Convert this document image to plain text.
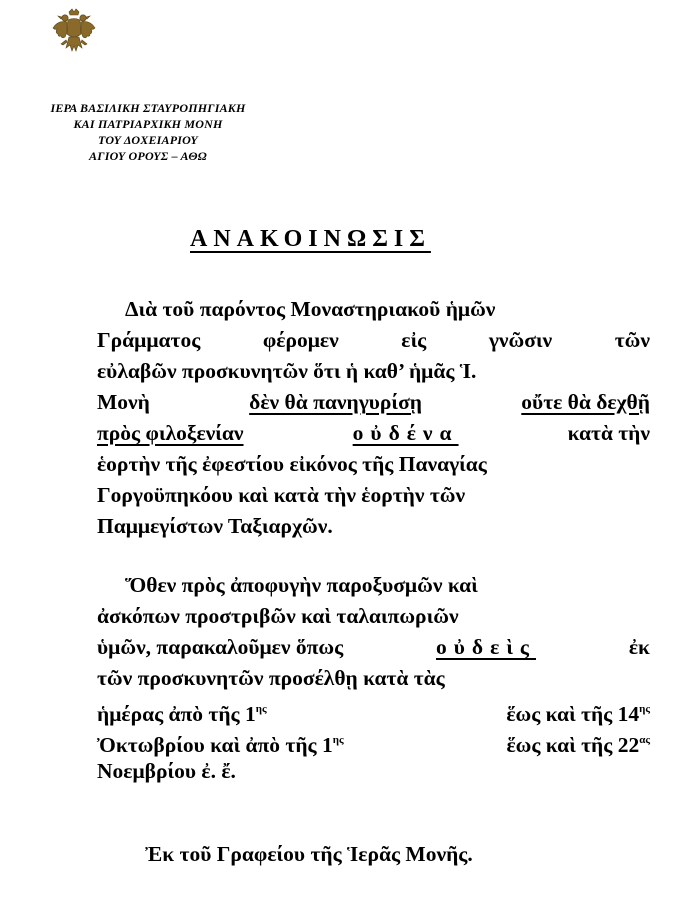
ΙΕΡΑ ΒΑΣΙΛΙΚΗ ΣΤΑΥΡΟΠΗΓΙΑΚΗ
ΚΑΙ ΠΑΤΡΙΑΡΧΙΚΗ ΜΟΝΗ
ΤΟΥ ΔΟΧΕΙΑΡΙΟΥ
ΑΓΙΟΥ ΟΡΟΥΣ – ΑΘΩ
ΑΝΑΚΟΙΝΩΣΙΣ
Διὰ τοῦ παρόντος Μοναστηριακοῦ ἡμῶν
Γράμματος	φέρομεν	εἰς	γνῶσιν	τῶν
εὐλαβῶν προσκυνητῶν ὅτι ἡ καθ’ ἡμᾶς Ἱ.
Μονὴ	δὲν θὰ πανηγυρίσῃ	οὔτε θὰ δεχθῇ
πρὸς φιλοξενίαν	οὐδένα	κατὰ τὴν
ἑορτὴν τῆς ἐφεστίου εἰκόνος τῆς Παναγίας
Γοργοϋπηκόου καὶ κατὰ τὴν ἑορτὴν τῶν
Παμμεγίστων Ταξιαρχῶν.
Ὅθεν πρὸς ἀποφυγὴν παροξυσμῶν καὶ
ἀσκόπων προστριβῶν καὶ ταλαιπωριῶν
ὑμῶν, παρακαλοῦμεν ὅπως	οὐδεὶς	ἐκ
τῶν προσκυνητῶν προσέλθῃ κατὰ τὰς
ἡμέρας ἀπὸ τῆς 1ης	ἕως καὶ τῆς 14ης
Ὀκτωβρίου καὶ ἀπὸ τῆς 1ης	ἕως καὶ τῆς 22ας
Νοεμβρίου ἐ. ἔ.
Ἐκ τοῦ Γραφείου τῆς Ἱερᾶς Μονῆς.
